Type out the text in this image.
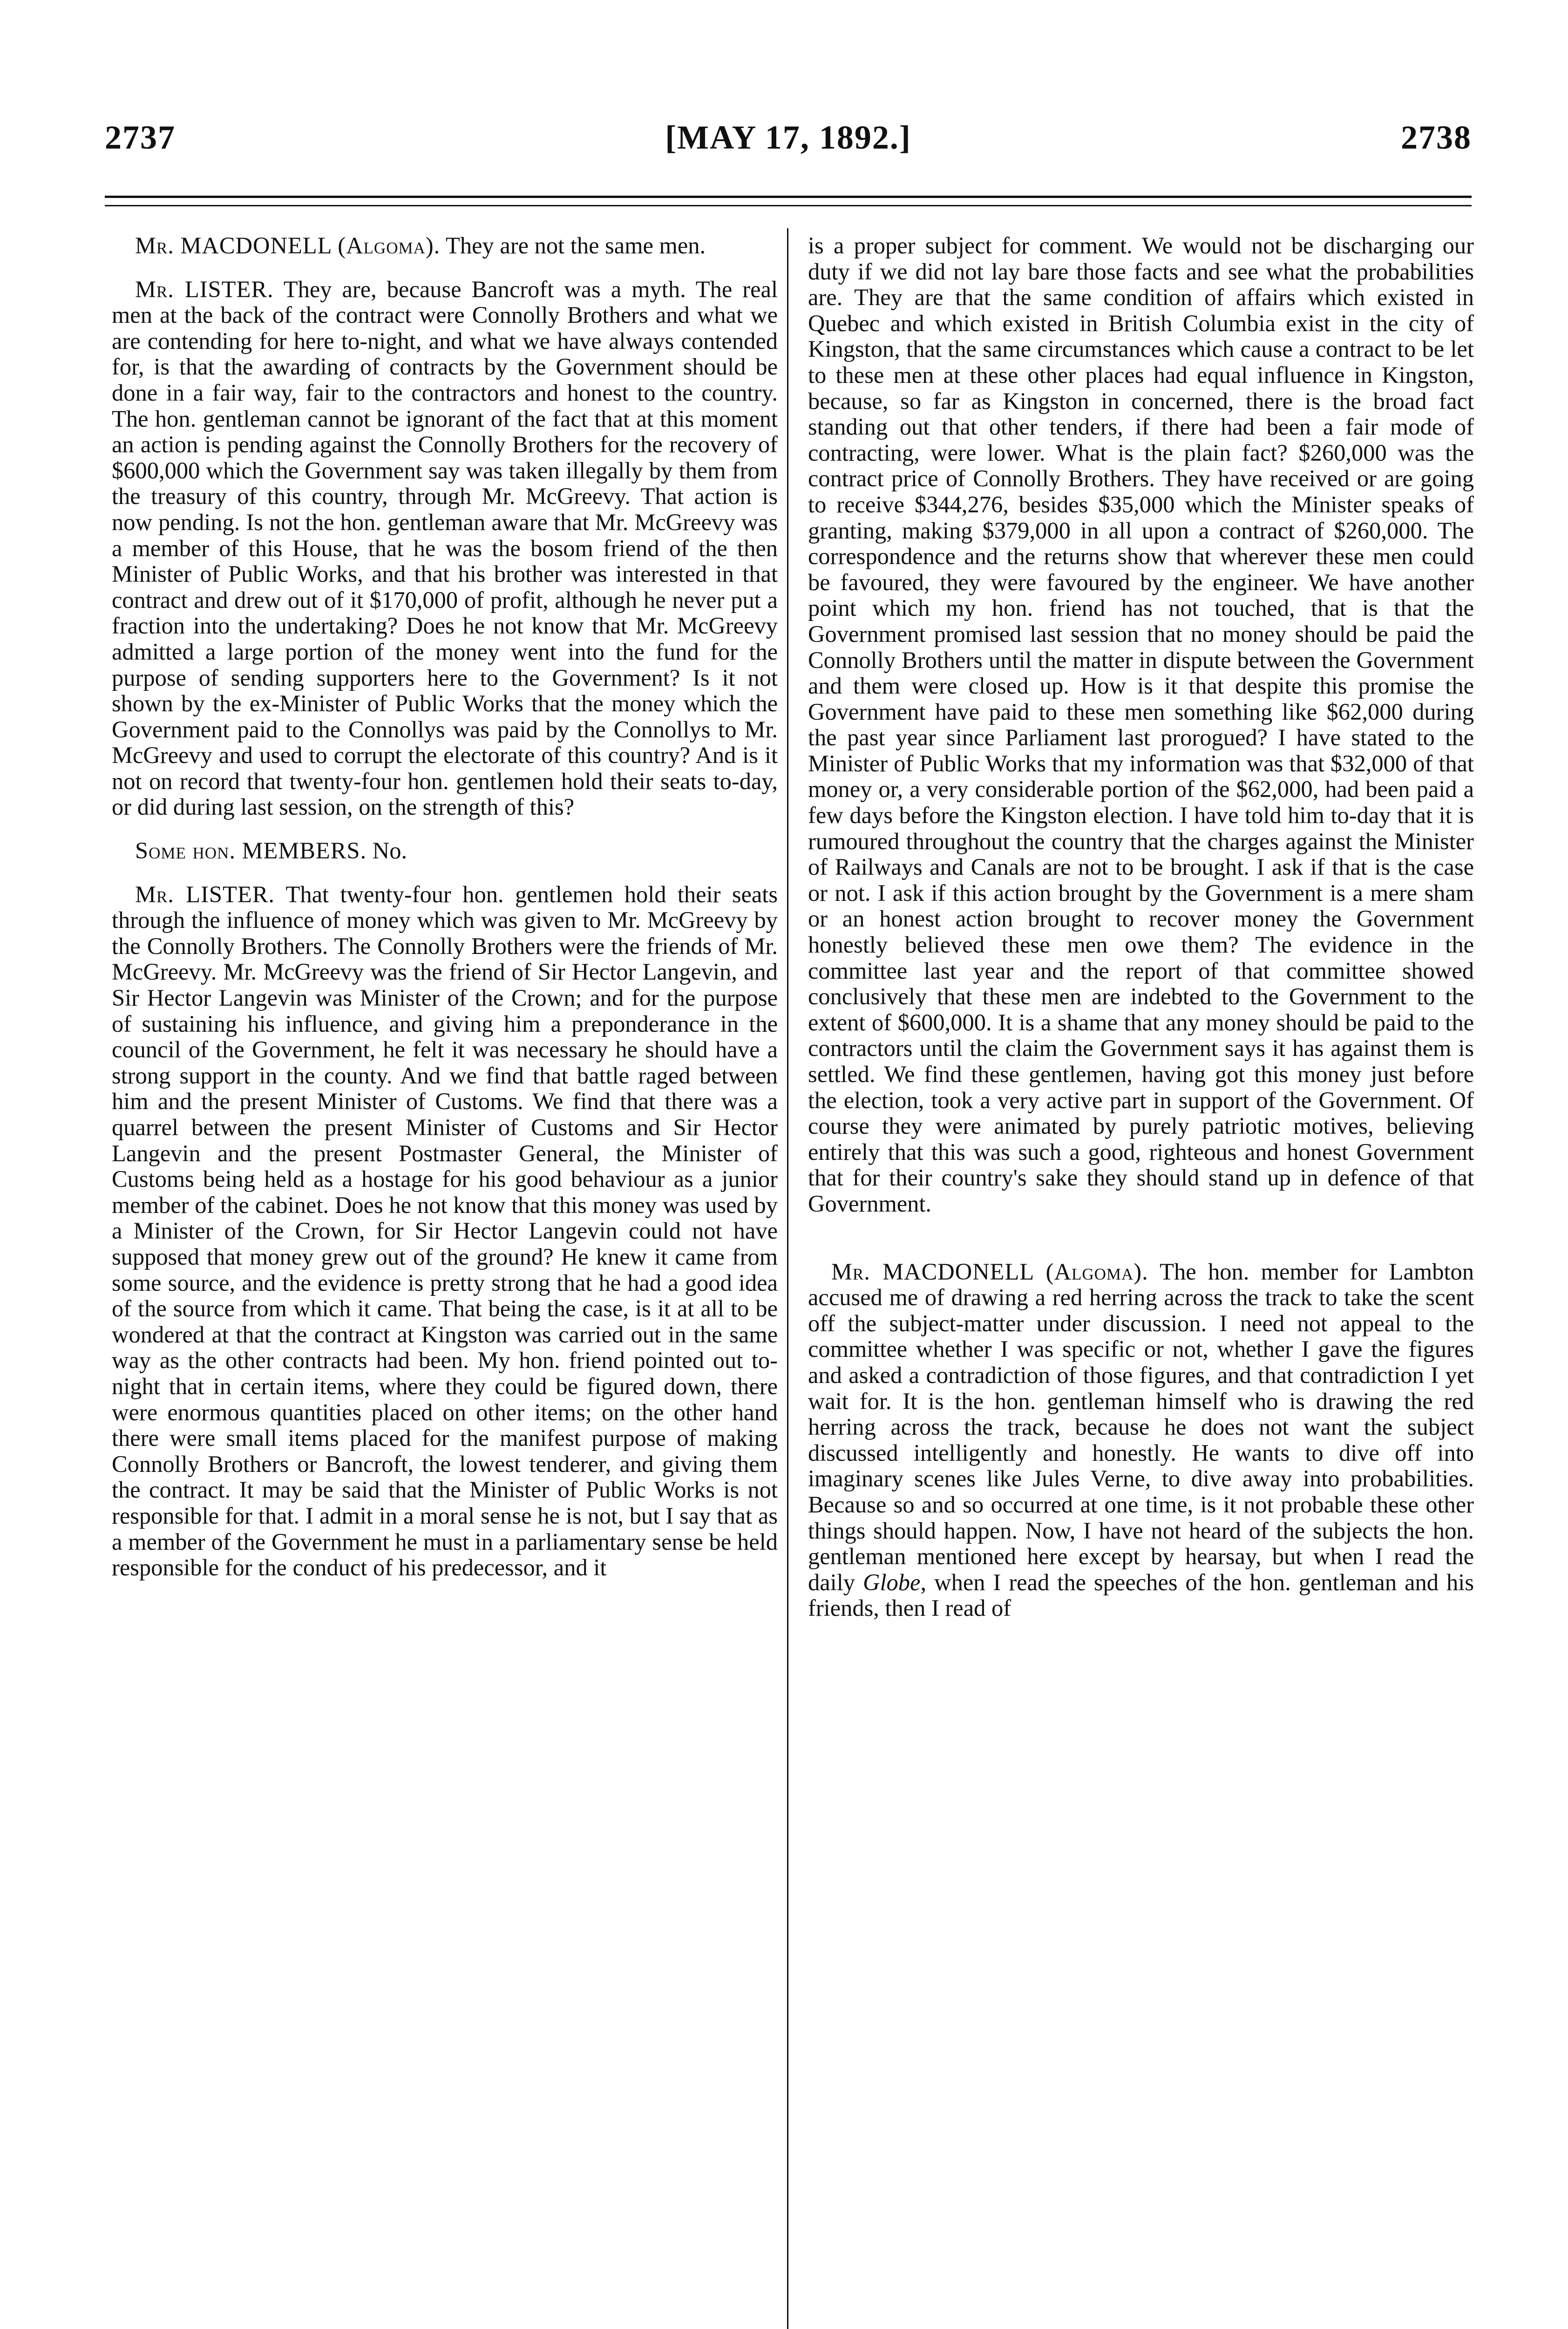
2737	[MAY 17, 1892.]	2738

Mr. MACDONELL (Algoma). They are not the same men.

Mr. LISTER. They are, because Bancroft was a myth. The real men at the back of the contract were Connolly Brothers and what we are contending for here to-night, and what we have always contended for, is that the awarding of contracts by the Government should be done in a fair way, fair to the contractors and honest to the country. The hon. gentleman cannot be ignorant of the fact that at this moment an action is pending against the Connolly Brothers for the recovery of $600,000 which the Government say was taken illegally by them from the treasury of this country, through Mr. McGreevy. That action is now pending. Is not the hon. gentleman aware that Mr. McGreevy was a member of this House, that he was the bosom friend of the then Minister of Public Works, and that his brother was interested in that contract and drew out of it $170,000 of profit, although he never put a fraction into the undertaking? Does he not know that Mr. McGreevy admitted a large portion of the money went into the fund for the purpose of sending supporters here to the Government? Is it not shown by the ex-Minister of Public Works that the money which the Government paid to the Connollys was paid by the Connollys to Mr. McGreevy and used to corrupt the electorate of this country? And is it not on record that twenty-four hon. gentlemen hold their seats to-day, or did during last session, on the strength of this?

Some hon. MEMBERS. No.

Mr. LISTER. That twenty-four hon. gentlemen hold their seats through the influence of money which was given to Mr. McGreevy by the Connolly Brothers. The Connolly Brothers were the friends of Mr. McGreevy. Mr. McGreevy was the friend of Sir Hector Langevin, and Sir Hector Langevin was Minister of the Crown; and for the purpose of sustaining his influence, and giving him a preponderance in the council of the Government, he felt it was necessary he should have a strong support in the county. And we find that battle raged between him and the present Minister of Customs. We find that there was a quarrel between the present Minister of Customs and Sir Hector Langevin and the present Postmaster General, the Minister of Customs being held as a hostage for his good behaviour as a junior member of the cabinet. Does he not know that this money was used by a Minister of the Crown, for Sir Hector Langevin could not have supposed that money grew out of the ground? He knew it came from some source, and the evidence is pretty strong that he had a good idea of the source from which it came. That being the case, is it at all to be wondered at that the contract at Kingston was carried out in the same way as the other contracts had been. My hon. friend pointed out to-night that in certain items, where they could be figured down, there were enormous quantities placed on other items; on the other hand there were small items placed for the manifest purpose of making Connolly Brothers or Bancroft, the lowest tenderer, and giving them the contract. It may be said that the Minister of Public Works is not responsible for that. I admit in a moral sense he is not, but I say that as a member of the Government he must in a parliamentary sense be held responsible for the conduct of his predecessor, and it

is a proper subject for comment. We would not be discharging our duty if we did not lay bare those facts and see what the probabilities are. They are that the same condition of affairs which existed in Quebec and which existed in British Columbia exist in the city of Kingston, that the same circumstances which cause a contract to be let to these men at these other places had equal influence in Kingston, because, so far as Kingston in concerned, there is the broad fact standing out that other tenders, if there had been a fair mode of contracting, were lower. What is the plain fact? $260,000 was the contract price of Connolly Brothers. They have received or are going to receive $344,276, besides $35,000 which the Minister speaks of granting, making $379,000 in all upon a contract of $260,000. The correspondence and the returns show that wherever these men could be favoured, they were favoured by the engineer. We have another point which my hon. friend has not touched, that is that the Government promised last session that no money should be paid the Connolly Brothers until the matter in dispute between the Government and them were closed up. How is it that despite this promise the Government have paid to these men something like $62,000 during the past year since Parliament last prorogued? I have stated to the Minister of Public Works that my information was that $32,000 of that money or, a very considerable portion of the $62,000, had been paid a few days before the Kingston election. I have told him to-day that it is rumoured throughout the country that the charges against the Minister of Railways and Canals are not to be brought. I ask if that is the case or not. I ask if this action brought by the Government is a mere sham or an honest action brought to recover money the Government honestly believed these men owe them? The evidence in the committee last year and the report of that committee showed conclusively that these men are indebted to the Government to the extent of $600,000. It is a shame that any money should be paid to the contractors until the claim the Government says it has against them is settled. We find these gentlemen, having got this money just before the election, took a very active part in support of the Government. Of course they were animated by purely patriotic motives, believing entirely that this was such a good, righteous and honest Government that for their country's sake they should stand up in defence of that Government.

Mr. MACDONELL (Algoma). The hon. member for Lambton accused me of drawing a red herring across the track to take the scent off the subject-matter under discussion. I need not appeal to the committee whether I was specific or not, whether I gave the figures and asked a contradiction of those figures, and that contradiction I yet wait for. It is the hon. gentleman himself who is drawing the red herring across the track, because he does not want the subject discussed intelligently and honestly. He wants to dive off into imaginary scenes like Jules Verne, to dive away into probabilities. Because so and so occurred at one time, is it not probable these other things should happen. Now, I have not heard of the subjects the hon. gentleman mentioned here except by hearsay, but when I read the daily Globe, when I read the speeches of the hon. gentleman and his friends, then I read of
